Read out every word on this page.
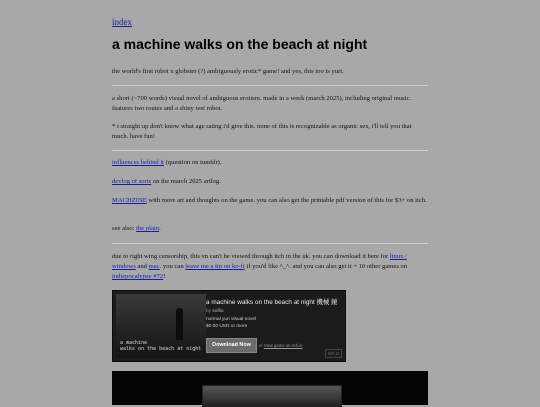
index
a machine walks on the beach at night

the world's first robot x globster (?) ambiguously erotic* game! and yes, this too is yuri.

a short (~700 words) visual novel of ambiguous erotism. made in a week (march 2025), including original music. features two routes and a shiny wet robot.

* i straight up don't know what age rating i'd give this. none of this is recognizable as organic sex, i'll tell you that much. have fun!

influences behind it (question on tumblr).

devlog of sorts on the march 2025 artlog.

MACHZINE with more art and thoughts on the game. you can also get the printable pdf version of this for $3+ on itch.

see also: the plain.

due to right wing censorship, this vn can't be viewed through itch in the uk. you can download it here for linux / windows and mac. you can leave me a tip on ko-fi if you'd like ^_^. and you can also get it + 10 other games on indiepocalypse #72!

a machine
walks on the beach at night
a machine walks on the beach at night 機械 鏡
by solfio
normal yuri visual novel
$0.00 USD or more
Download Now	or View game on itch.io
itch.io
